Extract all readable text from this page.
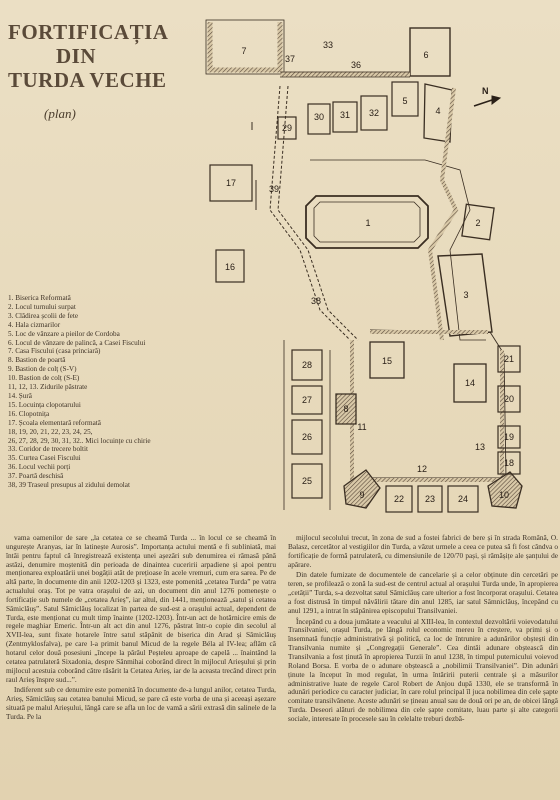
FORTIFICAȚIA
DIN
TURDA VECHE
(plan)
1. Biserica Reformată
2. Locul turnului surpat
3. Clădirea școlii de fete
4. Hala cizmarilor
5. Loc de vânzare a pieilor de Cordoba
6. Locul de vânzare de palincă, a Casei Fiscului
7. Casa Fiscului (casa princiară)
8. Bastion de poartă
9. Bastion de colț (S-V)
10. Bastion de colț (S-E)
11, 12, 13. Zidurile păstrate
14. Șură
15. Locuința clopotarului
16. Clopotnița
17. Școala elementară reformată
18, 19, 20, 21, 22, 23, 24, 25,
26, 27, 28, 29, 30, 31, 32.. Mici locuințe cu chirie
33. Coridor de trecere boltit
35. Curtea Casei Fiscului
36. Locul vechii porți
37. Poartă deschisă
38, 39 Traseul presupus al zidului demolat
7
33
6
36
37
4
5
32
31
30
29
17
16
39
38
1	2
3
15
14
8
11
12
13
9	10
22 23	24
21
20
19
18
28
27
26
25
N

vama oamenilor de sare „la cetatea ce se cheamă Turda ... în locul ce se cheamă în ungurește Aranyas, iar în latinește Aurosis”. Importanța actului mentă e fi subliniată, mai întâi pentru faptul că înregistrează existența unei așezări sub denumirea ei rămasă până astăzi, denumire moștenită din perioada de dinaintea cuceririi arpadiene și apoi pentru menționarea exploatării unei bogății atât de prețioase în acele vremuri, cum era sarea. Pe de altă parte, în documente din anii 1202-1203 și 1323, este pomenită „cetatea Turda” pe vatra actualului oraș. Tot pe vatra orașului de azi, un document din anul 1276 pomenește o fortificație sub numele de „cetatea Arieș”, iar altul, din 1441, menționează „satul și cetatea Sâmiclăuș”. Satul Sâmiclăuș localizat în partea de sud-est a orașului actual, dependent de Turda, este menționat cu mult timp înainte (1202-1203). Într-un act de hotărnicire emis de regele maghiar Emeric. Într-un alt act din anul 1276, păstrat într-o copie din secolul al XVII-lea, sunt fixate hotarele între satul stăpânit de biserica din Arad și Sâmiclăuș (Zentmyklosfalva), pe care l-a primit banul Micud de la regele Béla al IV-lea; aflăm că hotarul celor două posesiuni „începe la pârâul Peșteleu aproape de capelă ... înaintând la cetatea patrulateră Sixadonia, despre Sânmihai coborând direct în mijlocul Arieșului și prin mijlocul acestuia coborând către răsărit la Cetatea Arieș, iar de la aceasta trecând direct prin raul Arieș înspre sud...”.

Indiferent sub ce denumire este pomenită în documente de-a lungul anilor, cetatea Turda, Arieș, Sâmiclăuș sau cetatea banului Micud, se pare că este vorba de una și aceeași așezare situată pe malul Arieșului, lângă care se afla un loc de vamă a sării extrasă din salinele de la Turda. Pe la

mijlocul secolului trecut, în zona de sud a fostei fabrici de bere și în strada Română, O. Balasz, cercetător al vestigiilor din Turda, a văzut urmele a ceea ce putea să fi fost cândva o fortificație de formă patrulateră, cu dimensiunile de 120/70 pași, și rămășițe ale șanțului de apărare.

Din datele furnizate de documentele de cancelarie și a celor obținute din cercetări pe teren, se profilează o zonă la sud-est de centrul actual al orașului Turda unde, în apropierea „cetății” Turda, s-a dezvoltat satul Sâmiclăuș care ulterior a fost încorporat orașului. Cetatea a fost distrusă în timpul năvălirii tătare din anul 1285, iar satul Sâmniclăuș, începând cu anul 1291, a intrat în stăpânirea episcopului Transilvaniei.

Începând cu a doua jumătate a veacului al XIII-lea, în contextul dezvoltării voievodatului Transilvaniei, orașul Turda, pe lângă rolul economic mereu în creștere, va primi și o însemnată funcție administrativă și politică, ca loc de întrunire a adunărilor obștești din Transilvania numite și „Congregații Generale”. Cea dintâi adunare obștească din Transilvania a fost ținută în apropierea Turzii în anul 1238, în timpul puternicului voievod Roland Borsa. E vorba de o adunare obștească a „nobilimii Transilvaniei”. Din adunări ținute la început în mod regulat, în urma întăririi puterii centrale și a măsurilor administrative luate de regele Carol Robert de Anjou după 1330, ele se transformă în adunări periodice cu caracter judiciar, în care rolul principal îl juca nobilimea din cele șapte comitate transilvănene. Aceste adunări se țineau anual sau de două ori pe an, de obicei lângă Turda. Deseori alături de nobilimea din cele șapte comitate, luau parte și alte categorii sociale, interesate în procesele sau în celelalte treburi dezbă-
